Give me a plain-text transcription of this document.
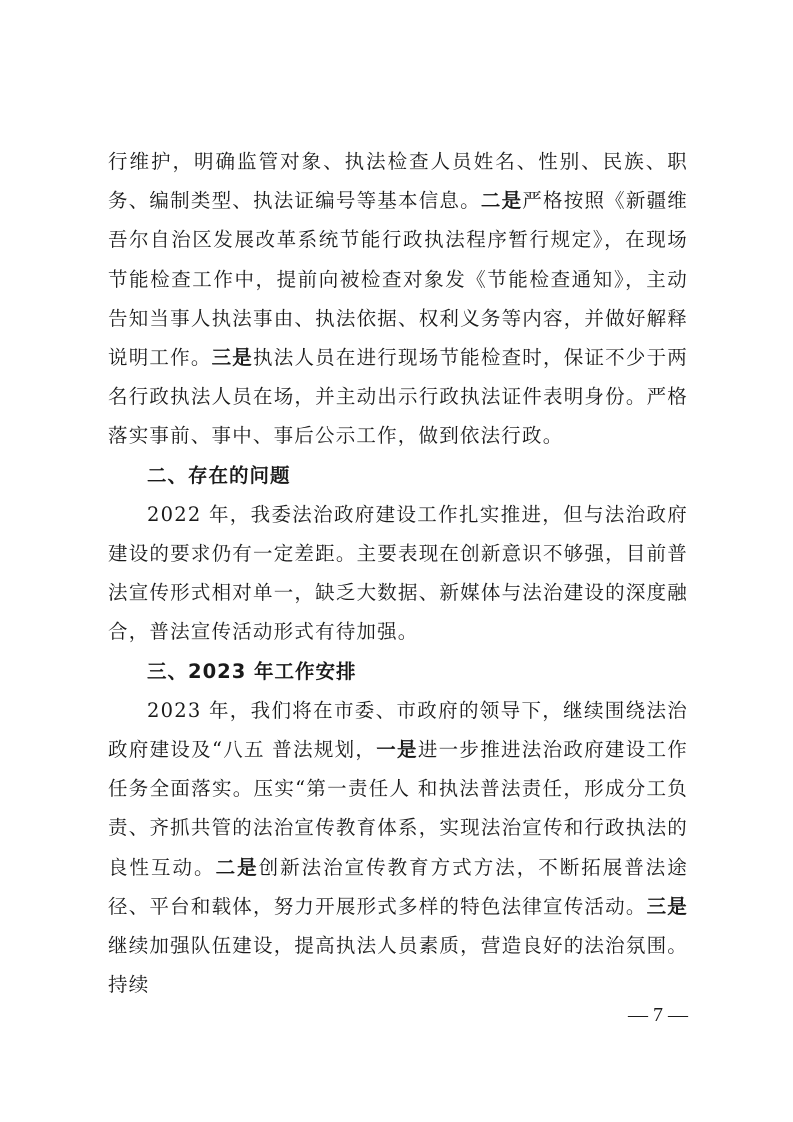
行维护，明确监管对象、执法检查人员姓名、性别、民族、职务、编制类型、执法证编号等基本信息。二是严格按照《新疆维吾尔自治区发展改革系统节能行政执法程序暂行规定》，在现场节能检查工作中，提前向被检查对象发《节能检查通知》，主动告知当事人执法事由、执法依据、权利义务等内容，并做好解释说明工作。三是执法人员在进行现场节能检查时，保证不少于两名行政执法人员在场，并主动出示行政执法证件表明身份。严格落实事前、事中、事后公示工作，做到依法行政。

二、存在的问题

2022 年，我委法治政府建设工作扎实推进，但与法治政府建设的要求仍有一定差距。主要表现在创新意识不够强，目前普法宣传形式相对单一，缺乏大数据、新媒体与法治建设的深度融合，普法宣传活动形式有待加强。

三、2023 年工作安排

2023 年，我们将在市委、市政府的领导下，继续围绕法治政府建设及“八五 普法规划，一是进一步推进法治政府建设工作任务全面落实。压实“第一责任人 和执法普法责任，形成分工负责、齐抓共管的法治宣传教育体系，实现法治宣传和行政执法的良性互动。二是创新法治宣传教育方式方法，不断拓展普法途径、平台和载体，努力开展形式多样的特色法律宣传活动。三是继续加强队伍建设，提高执法人员素质，营造良好的法治氛围。持续

— 7 —
